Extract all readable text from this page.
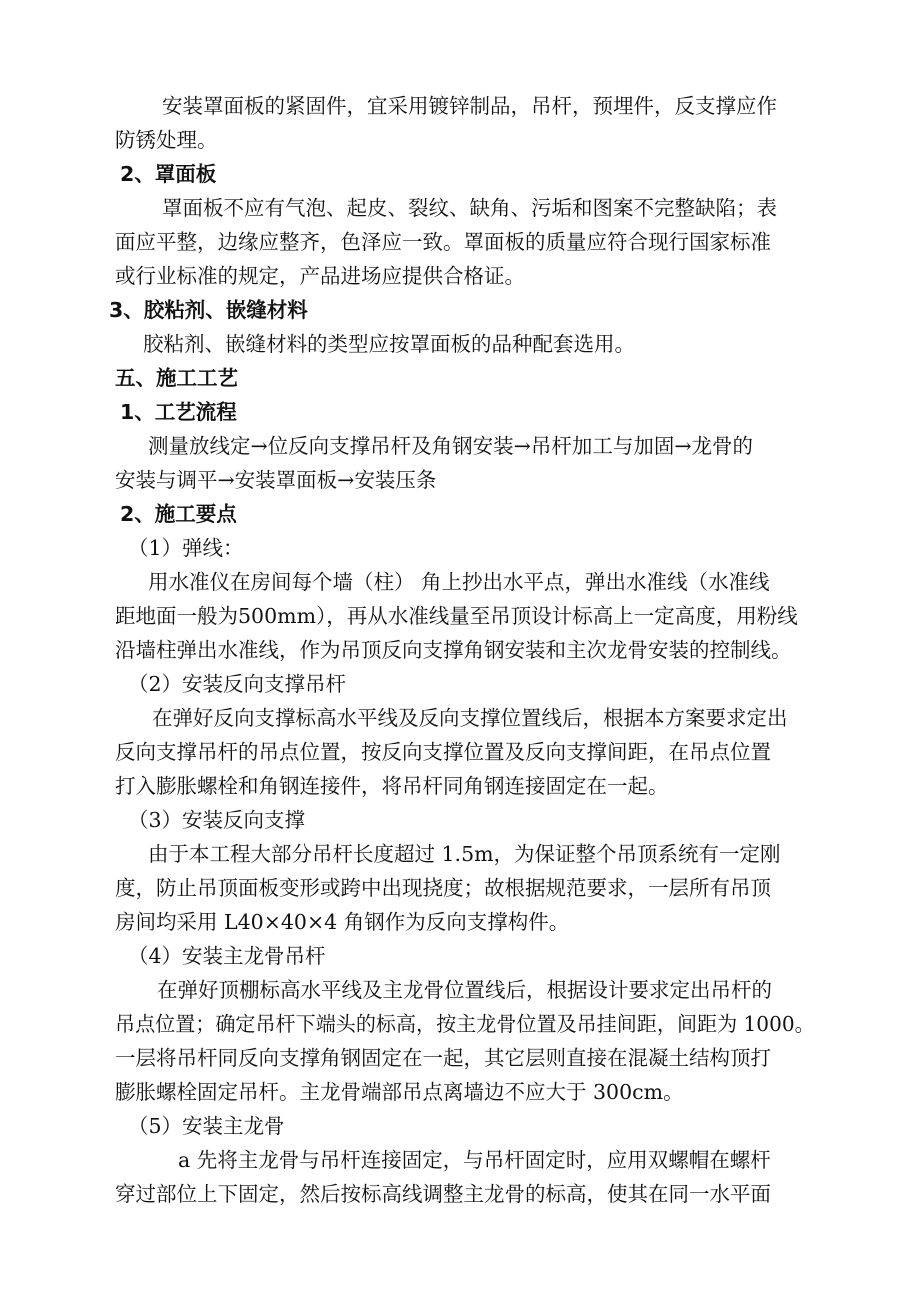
安装罩面板的紧固件，宜采用镀锌制品，吊杆，预埋件，反支撑应作
防锈处理。
2、罩面板
罩面板不应有气泡、起皮、裂纹、缺角、污垢和图案不完整缺陷；表
面应平整，边缘应整齐，色泽应一致。罩面板的质量应符合现行国家标准
或行业标准的规定，产品进场应提供合格证。
3、胶粘剂、嵌缝材料
胶粘剂、嵌缝材料的类型应按罩面板的品种配套选用。
五、施工工艺
1、工艺流程
测量放线定→位反向支撑吊杆及角钢安装→吊杆加工与加固→龙骨的
安装与调平→安装罩面板→安装压条
2、施工要点
（1）弹线：
用水准仪在房间每个墙（柱） 角上抄出水平点，弹出水准线（水准线
距地面一般为500mm），再从水准线量至吊顶设计标高上一定高度，用粉线
沿墙柱弹出水准线，作为吊顶反向支撑角钢安装和主次龙骨安装的控制线。
（2）安装反向支撑吊杆
在弹好反向支撑标高水平线及反向支撑位置线后，根据本方案要求定出
反向支撑吊杆的吊点位置，按反向支撑位置及反向支撑间距，在吊点位置
打入膨胀螺栓和角钢连接件，将吊杆同角钢连接固定在一起。
（3）安装反向支撑
由于本工程大部分吊杆长度超过 1.5m，为保证整个吊顶系统有一定刚
度，防止吊顶面板变形或跨中出现挠度；故根据规范要求，一层所有吊顶
房间均采用 L40×40×4 角钢作为反向支撑构件。
（4）安装主龙骨吊杆
在弹好顶棚标高水平线及主龙骨位置线后，根据设计要求定出吊杆的
吊点位置；确定吊杆下端头的标高，按主龙骨位置及吊挂间距，间距为 1000。
一层将吊杆同反向支撑角钢固定在一起，其它层则直接在混凝土结构顶打
膨胀螺栓固定吊杆。主龙骨端部吊点离墙边不应大于 300cm。
（5）安装主龙骨
a 先将主龙骨与吊杆连接固定，与吊杆固定时，应用双螺帽在螺杆
穿过部位上下固定，然后按标高线调整主龙骨的标高，使其在同一水平面
